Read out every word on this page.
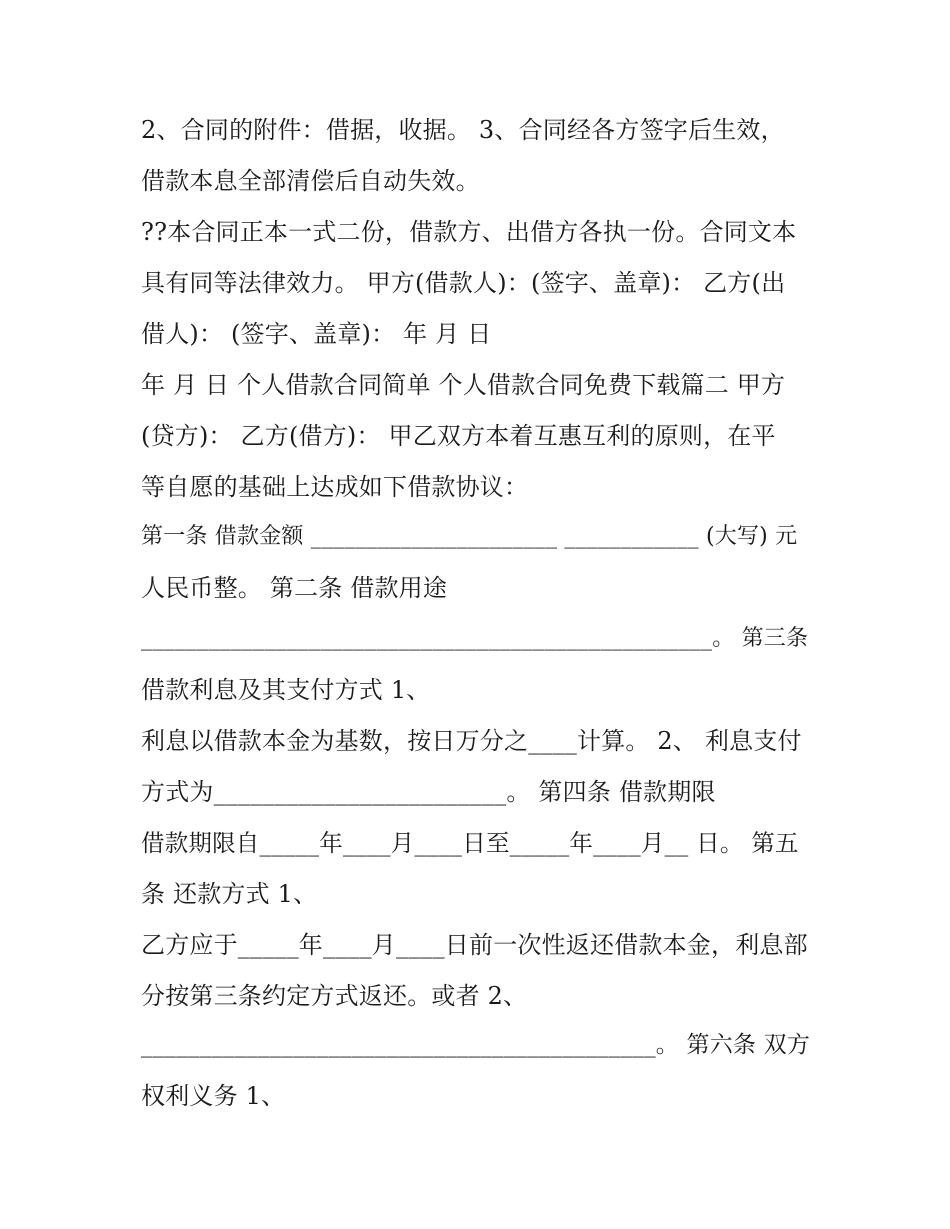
2、合同的附件：借据，收据。 3、合同经各方签字后生效，

借款本息全部清偿后自动失效。

??本合同正本一式二份，借款方、出借方各执一份。合同文本

具有同等法律效力。 甲方(借款人)：(签字、盖章)： 乙方(出

借人)： (签字、盖章)： 年 月 日

年 月 日 个人借款合同简单 个人借款合同免费下载篇二 甲方

(贷方)： 乙方(借方)： 甲乙双方本着互惠互利的原则，在平

等自愿的基础上达成如下借款协议：

第一条 借款金额 ______________________ ____________ (大写) 元

人民币整。 第二条 借款用途

___________________________________________________。 第三条

借款利息及其支付方式 1、

利息以借款本金为基数，按日万分之____计算。 2、 利息支付

方式为________________________。 第四条 借款期限

借款期限自_____年____月____日至_____年____月__ 日。 第五

条 还款方式 1、

乙方应于_____年____月____日前一次性返还借款本金，利息部

分按第三条约定方式返还。或者 2、

____________________________________________。 第六条 双方

权利义务 1、
